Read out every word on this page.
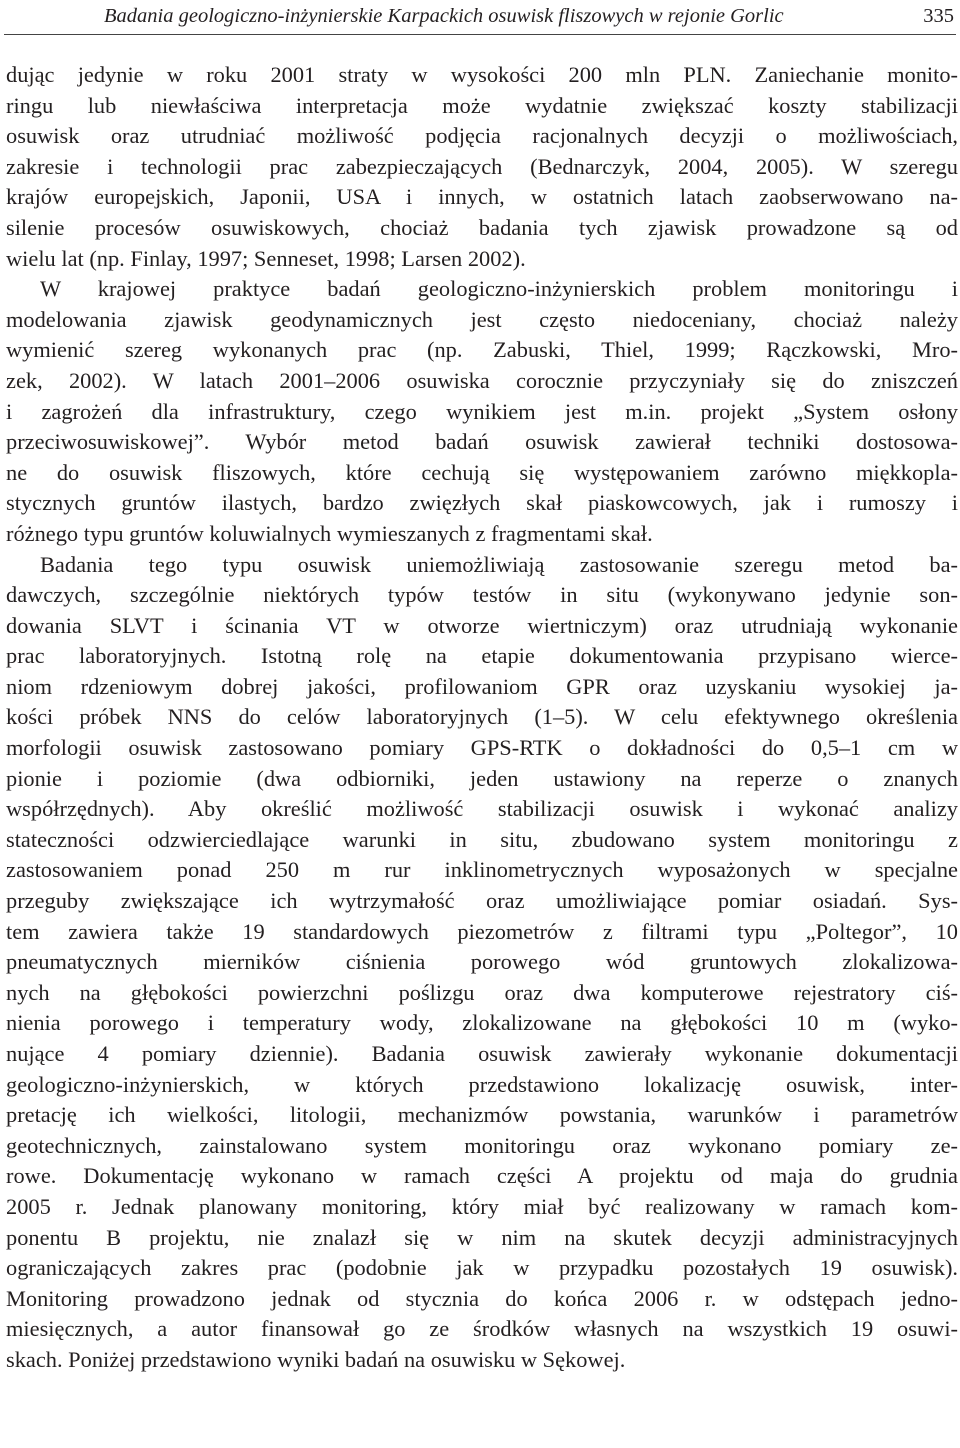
Badania geologiczno-inżynierskie Karpackich osuwisk fliszowych w rejonie Gorlic	335
dując jedynie w roku 2001 straty w wysokości 200 mln PLN. Zaniechanie monito-
ringu lub niewłaściwa interpretacja może wydatnie zwiększać koszty stabilizacji
osuwisk oraz utrudniać możliwość podjęcia racjonalnych decyzji o możliwościach,
zakresie i technologii prac zabezpieczających (Bednarczyk, 2004, 2005). W szeregu
krajów europejskich, Japonii, USA i innych, w ostatnich latach zaobserwowano na-
silenie procesów osuwiskowych, chociaż badania tych zjawisk prowadzone są od
wielu lat (np. Finlay, 1997; Senneset, 1998; Larsen 2002).
W krajowej praktyce badań geologiczno-inżynierskich problem monitoringu i
modelowania zjawisk geodynamicznych jest często niedoceniany, chociaż należy
wymienić szereg wykonanych prac (np. Zabuski, Thiel, 1999; Rączkowski, Mro-
zek, 2002). W latach 2001–2006 osuwiska corocznie przyczyniały się do zniszczeń
i zagrożeń dla infrastruktury, czego wynikiem jest m.in. projekt „System osłony
przeciwosuwiskowej”. Wybór metod badań osuwisk zawierał techniki dostosowa-
ne do osuwisk fliszowych, które cechują się występowaniem zarówno miękkopla-
stycznych gruntów ilastych, bardzo zwięzłych skał piaskowcowych, jak i rumoszy i
różnego typu gruntów koluwialnych wymieszanych z fragmentami skał.
Badania tego typu osuwisk uniemożliwiają zastosowanie szeregu metod ba-
dawczych, szczególnie niektórych typów testów in situ (wykonywano jedynie son-
dowania SLVT i ścinania VT w otworze wiertniczym) oraz utrudniają wykonanie
prac laboratoryjnych. Istotną rolę na etapie dokumentowania przypisano wierce-
niom rdzeniowym dobrej jakości, profilowaniom GPR oraz uzyskaniu wysokiej ja-
kości próbek NNS do celów laboratoryjnych (1–5). W celu efektywnego określenia
morfologii osuwisk zastosowano pomiary GPS-RTK o dokładności do 0,5–1 cm w
pionie i poziomie (dwa odbiorniki, jeden ustawiony na reperze o znanych
współrzędnych). Aby określić możliwość stabilizacji osuwisk i wykonać analizy
stateczności odzwierciedlające warunki in situ, zbudowano system monitoringu z
zastosowaniem ponad 250 m rur inklinometrycznych wyposażonych w specjalne
przeguby zwiększające ich wytrzymałość oraz umożliwiające pomiar osiadań. Sys-
tem zawiera także 19 standardowych piezometrów z filtrami typu „Poltegor”, 10
pneumatycznych mierników ciśnienia porowego wód gruntowych zlokalizowa-
nych na głębokości powierzchni poślizgu oraz dwa komputerowe rejestratory ciś-
nienia porowego i temperatury wody, zlokalizowane na głębokości 10 m (wyko-
nujące 4 pomiary dziennie). Badania osuwisk zawierały wykonanie dokumentacji
geologiczno-inżynierskich, w których przedstawiono lokalizację osuwisk, inter-
pretację ich wielkości, litologii, mechanizmów powstania, warunków i parametrów
geotechnicznych, zainstalowano system monitoringu oraz wykonano pomiary ze-
rowe. Dokumentację wykonano w ramach części A projektu od maja do grudnia
2005 r. Jednak planowany monitoring, który miał być realizowany w ramach kom-
ponentu B projektu, nie znalazł się w nim na skutek decyzji administracyjnych
ograniczających zakres prac (podobnie jak w przypadku pozostałych 19 osuwisk).
Monitoring prowadzono jednak od stycznia do końca 2006 r. w odstępach jedno-
miesięcznych, a autor finansował go ze środków własnych na wszystkich 19 osuwi-
skach. Poniżej przedstawiono wyniki badań na osuwisku w Sękowej.
